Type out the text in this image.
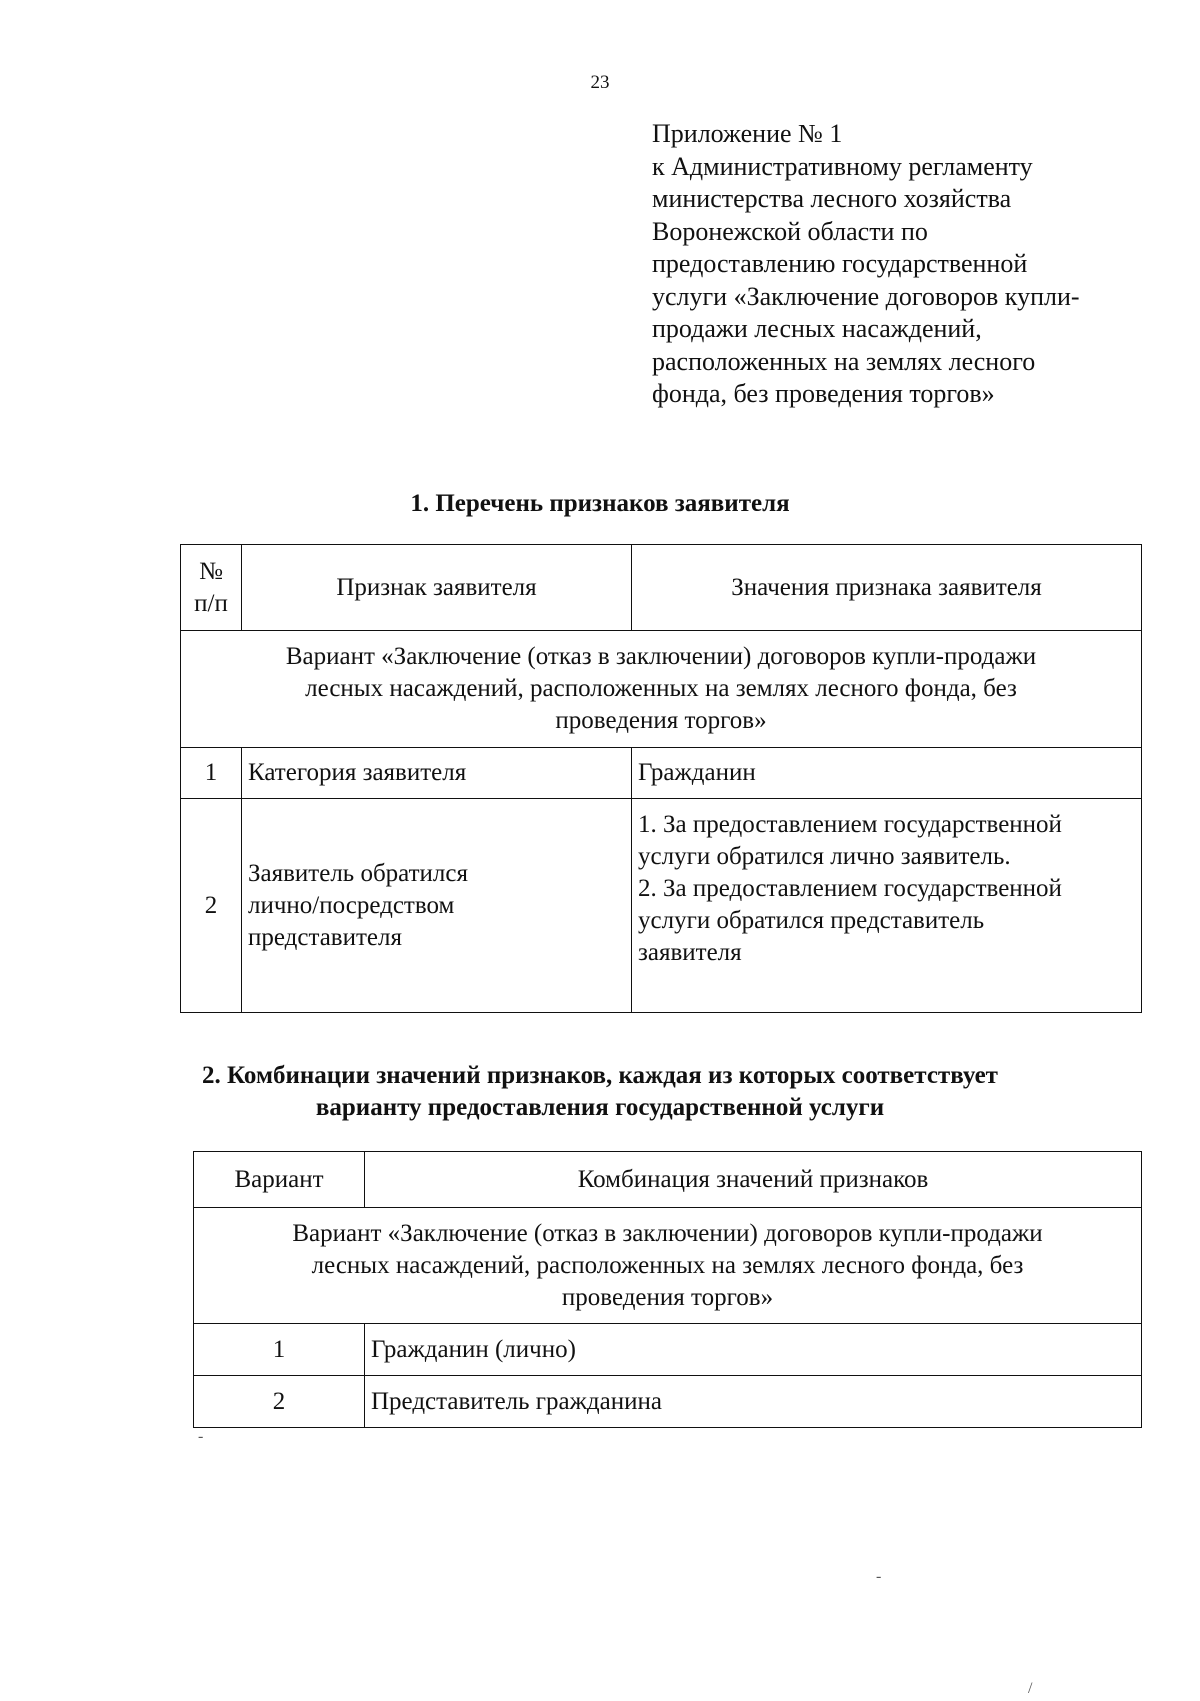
23
Приложение № 1
к Административному регламенту
министерства лесного хозяйства
Воронежской области по
предоставлению государственной
услуги «Заключение договоров купли-
продажи лесных насаждений,
расположенных на землях лесного
фонда, без проведения торгов»
1. Перечень признаков заявителя
№
п/п	Признак заявителя	Значения признака заявителя
Вариант «Заключение (отказ в заключении) договоров купли-продажи
лесных насаждений, расположенных на землях лесного фонда, без
проведения торгов»		
1	Категория заявителя	Гражданин
2	Заявитель обратился
лично/посредством
представителя	1. За предоставлением государственной
услуги обратился лично заявитель.
2. За предоставлением государственной
услуги обратился представитель
заявителя
2. Комбинации значений признаков, каждая из которых соответствует
варианту предоставления государственной услуги
Вариант	Комбинация значений признаков
Вариант «Заключение (отказ в заключении) договоров купли-продажи
лесных насаждений, расположенных на землях лесного фонда, без
проведения торгов»	
1	Гражданин (лично)
2	Представитель гражданина
‐
‐
/
